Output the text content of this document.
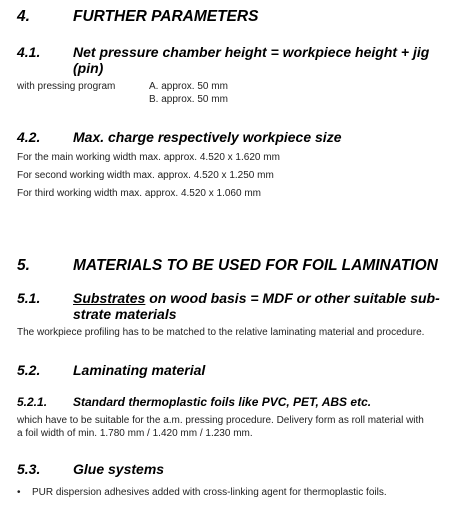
4.	FURTHER PARAMETERS
4.1. Net pressure chamber height = workpiece height + jig
(pin)
with pressing program	A. approx. 50 mm
B. approx. 50 mm
4.2. Max. charge respectively workpiece size
For the main working width max. approx. 4.520 x 1.620 mm
For second working width max. approx. 4.520 x 1.250 mm
For third working width max. approx. 4.520 x 1.060 mm
5.	MATERIALS TO BE USED FOR FOIL LAMINATION
5.1. Substrates on wood basis = MDF or other suitable sub-
strate materials
The workpiece profiling has to be matched to the relative laminating material and procedure.
5.2. Laminating material
5.2.1. Standard thermoplastic foils like PVC, PET, ABS etc.
which have to be suitable for the a.m. pressing procedure. Delivery form as roll material with
a foil width of min. 1.780 mm / 1.420 mm / 1.230 mm.
5.3. Glue systems
• PUR dispersion adhesives added with cross-linking agent for thermoplastic foils.
